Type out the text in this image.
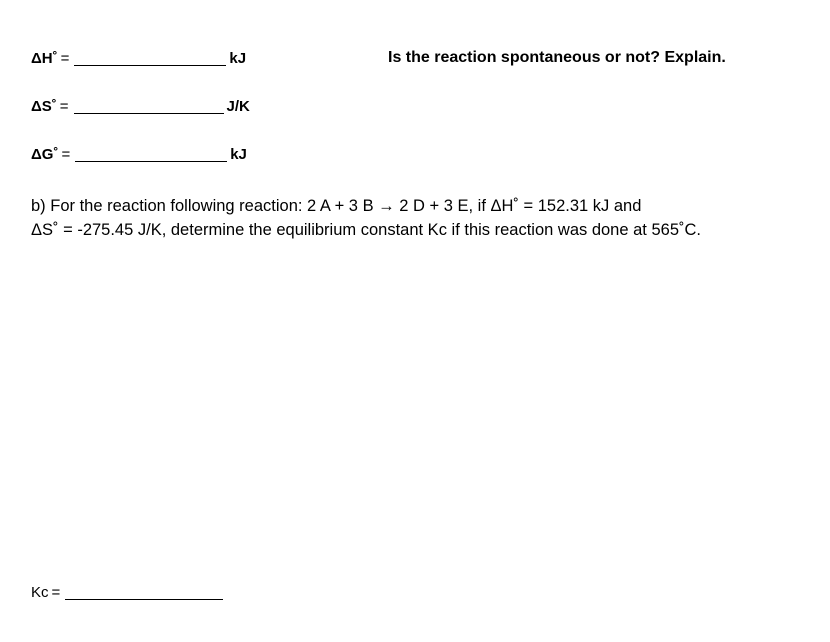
ΔH˚ =	kJ	Is the reaction spontaneous or not? Explain.
ΔS˚ =	J/K
ΔG˚ =	kJ

b) For the reaction following reaction: 2 A + 3 B → 2 D + 3 E, if ΔH˚ = 152.31 kJ and

ΔS˚ = -275.45 J/K, determine the equilibrium constant Kc if this reaction was done at 565˚C.

Kc =
